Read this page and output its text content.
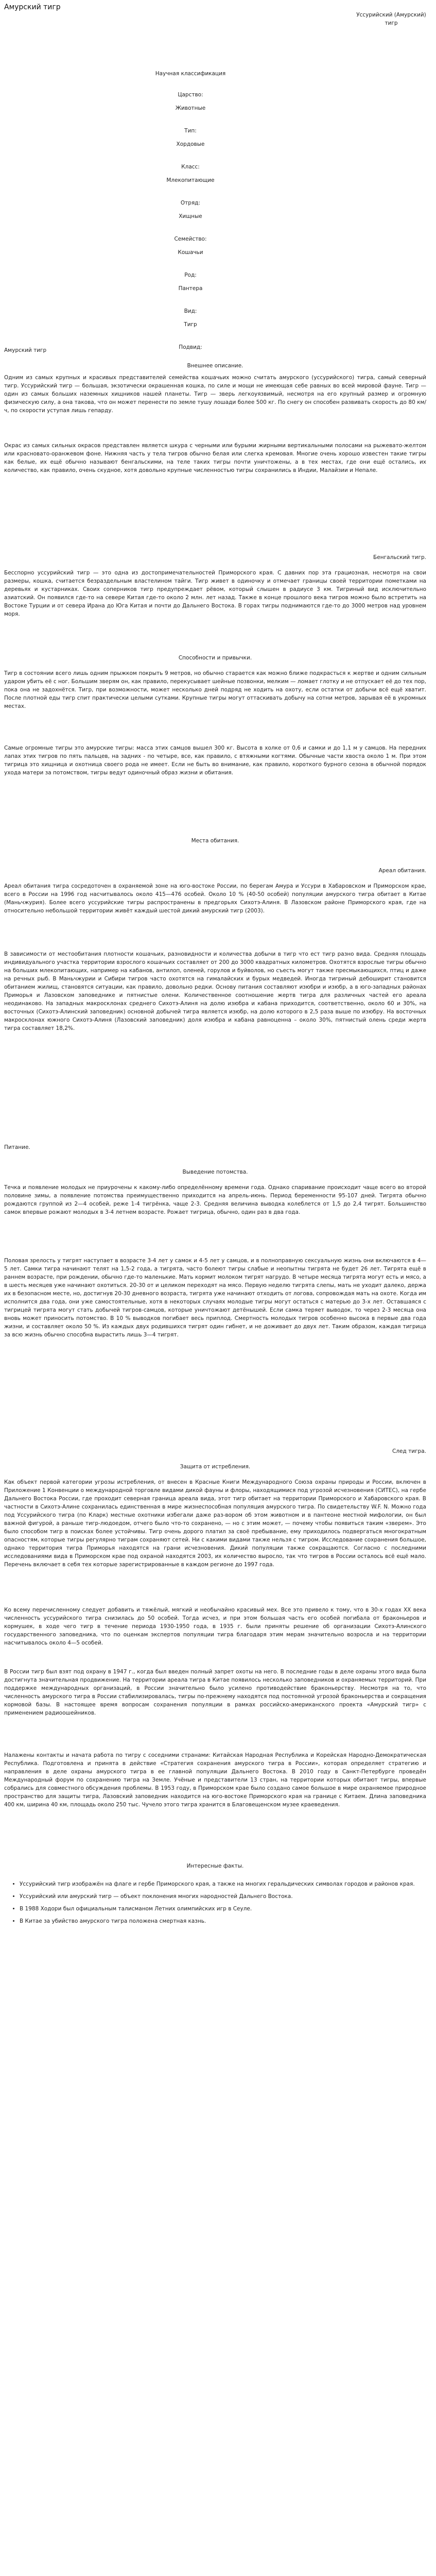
Амурский тигр
Уссурийский (Амурский) тигр
Научная классификация
Царство:
Животные
Тип:
Хордовые
Класс:
Млекопитающие
Отряд:
Хищные
Семейство:
Кошачьи
Род:
Пантера
Вид:
Тигр
Подвид:

Амурский тигр

Внешнее описание.

Одним из самых крупных и красивых представителей семейства кошачьих можно считать амурского (уссурийского) тигра, самый северный тигр. Уссурийский тигр — большая, экзотически окрашенная кошка, по силе и мощи не имеющая себе равных во всей мировой фауне. Тигр — один из самых больших наземных хищников нашей планеты. Тигр — зверь легкоуязвимый, несмотря на его крупный размер и огромную физическую силу, а она такова, что он может перенести по земле тушу лошади более 500 кг. По снегу он способен развивать скорость до 80 км/ч, по скорости уступая лишь гепарду.

Окрас из самых сильных окрасов представлен является шкура с черными или бурыми жирными вертикальными полосами на рыжевато-желтом или красновато-оранжевом фоне. Нижняя часть у тела тигров обычно белая или слегка кремовая. Многие очень хорошо известен такие тигры как белые, их ещё обычно называют бенгальскими, на теле таких тигры почти уничтожены, а в тех местах, где они ещё остались, их количество, как правило, очень скудное, хотя довольно крупные численностью тигры сохранились в Индии, Малайзии и Непале.

Бенгальский тигр.

Бесспорно уссурийский тигр — это одна из достопримечательностей Приморского края. С давних пор эта грациозная, несмотря на свои размеры, кошка, считается безраздельным властелином тайги. Тигр живет в одиночку и отмечает границы своей территории пометками на деревьях и кустарниках. Своих соперников тигр предупреждает рёвом, который слышен в радиусе 3 км. Тигриный вид исключительно азиатский. Он появился где-то на севере Китая где-то около 2 млн. лет назад. Также в конце прошлого века тигров можно было встретить на Востоке Турции и от севера Ирана до Юга Китая и почти до Дальнего Востока. В горах тигры поднимаются где-то до 3000 метров над уровнем моря.

Способности и привычки.

Тигр в состоянии всего лишь одним прыжком покрыть 9 метров, но обычно старается как можно ближе подкрасться к жертве и одним сильным ударом убить её с ног. Большим зверям он, как правило, перекусывает шейные позвонки, мелким — ломает глотку и не отпускает её до тех пор, пока она не задохнётся. Тигр, при возможности, может несколько дней подряд не ходить на охоту, если остатки от добычи всё ещё хватит. После плотной еды тигр спит практически целыми сутками. Крупные тигры могут оттаскивать добычу на сотни метров, зарывая её в укромных местах.

Самые огромные тигры это амурские тигры: масса этих самцов вышел 300 кг. Высота в холке от 0,6 и самки и до 1,1 м у самцов. На передних лапах этих тигров по пять пальцев, на задних - по четыре, все, как правило, с втяжными когтями. Обычные части хвоста около 1 м. При этом тигрица это хищница и охотница своего рода не имеет. Если не быть во внимание, как правило, короткого бурного сезона в обычной порядок ухода матери за потомством, тигры ведут одиночный образ жизни и обитания.

Места обитания.
Ареал обитания.

Ареал обитания тигра сосредоточен в охраняемой зоне на юго-востоке России, по берегам Амура и Уссури в Хабаровском и Приморском крае, всего в России на 1996 год насчитывалось около 415—476 особей. Около 10 % (40-50 особей) популяции амурского тигра обитает в Китае (Маньчжурия). Более всего уссурийские тигры распространены в предгорьях Сихотэ-Алиня. В Лазовском районе Приморского края, где на относительно небольшой территории живёт каждый шестой дикий амурский тигр (2003).

В зависимости от местообитания плотности кошачьих, разновидности и количества добычи в тигр что ест тигр разно вида. Средняя площадь индивидуального участка территории взрослого кошачьих составляет от 200 до 3000 квадратных километров. Охотятся взрослые тигры обычно на больших млекопитающих, например на кабанов, антилоп, оленей, горулов и буйволов, но съесть могут также пресмыкающихся, птиц и даже на речных рыб. В Маньчжурии и Сибири тигров часто охотятся на гималайских и бурых медведей. Иногда тигриный дебоширит становится обитанием жилищ, становятся ситуации, как правило, довольно редки. Основу питания составляют изюбри и изюбр, а в юго-западных районах Приморья и Лазовском заповеднике и пятнистые олени. Количественное соотношение жертв тигра для различных частей его ареала неодинаково. На западных макросклонах среднего Сихотэ-Алиня на долю изюбра и кабана приходится, соответственно, около 60 и 30%, на восточных (Сихотэ-Алинский заповедник) основной добычей тигра является изюбр, на долю которого в 2,5 раза выше по изюбру. На восточных макросклонах южного Сихотэ-Алиня (Лазовский заповедник) доля изюбра и кабана равноценна – около 30%, пятнистый олень среди жертв тигра составляет 18,2%.

Питание.

Выведение потомства.

Течка и появление молодых не приурочены к какому-либо определённому времени года. Однако спаривание происходит чаще всего во второй половине зимы, а появление потомства преимущественно приходится на апрель-июнь. Период беременности 95-107 дней. Тигрята обычно рождаются группой из 2—4 особей, реже 1-4 тигрёнка, чаще 2-3. Средняя величина выводка колеблется от 1,5 до 2,4 тигрят. Большинство самок впервые рожают молодых в 3-4 летнем возрасте. Рожает тигрица, обычно, один раз в два года.

Половая зрелость у тигрят наступает в возрасте 3-4 лет у самок и 4-5 лет у самцов, и в полноправную сексуальную жизнь они включаются в 4—5 лет. Самки тигра начинают телят на 1,5-2 года, а тигрята, часто болеют тигры слабые и неопытны тигрята не будет 26 лет. Тигрята ещё в раннем возрасте, при рождении, обычно где-то маленькие. Мать кормит молоком тигрят нагрудо. В четыре месяца тигрята могут есть и мясо, а в шесть месяцев уже начинают охотиться. 20-30 от и целиком переходят на мясо. Первую неделю тигрята слепы, мать не уходит далеко, держа их в безопасном месте, но, достигнув 20-30 дневного возраста, тигрята уже начинают отходить от логова, сопровождая мать на охоте. Когда им исполнится два года, они уже самостоятельные, хотя в некоторых случаях молодые тигры могут остаться с матерью до 3-х лет. Оставшаяся с тигрицей тигрята могут стать добычей тигров-самцов, которые уничтожают детёнышей. Если самка теряет выводок, то через 2-3 месяца она вновь может приносить потомство. В 10 % выводков погибает весь приплод. Смертность молодых тигров особенно высока в первые два года жизни, и составляет около 50 %. Из каждых двух родившихся тигрят один гибнет, и не доживает до двух лет. Таким образом, каждая тигрица за всю жизнь обычно способна вырастить лишь 3—4 тигрят.

След тигра.
Защита от истребления.

Как объект первой категории угрозы истребления, от внесен в Красные Книги Международного Союза охраны природы и России, включен в Приложение 1 Конвенции о международной торговле видами дикой фауны и флоры, находящимися под угрозой исчезновения (СИТЕС), на гербе Дальнего Востока России, где проходит северная граница ареала вида, этот тигр обитает на территории Приморского и Хабаровского края. В частности в Сихотэ-Алине сохранилась единственная в мире жизнеспособная популяция амурского тигра. По свидетельству W.F. N. Можно года под Уссурийского тигра (по Кларк) местные охотники избегали даже раз-вором об этом животном и в пантеоне местной мифологии, он был важной фигурой, а раньше тигр-людоедом, отчего было что-то сохранено, — но с этим может, — почему чтобы появиться таким «зверем». Это было способом тигр в поисках более устойчивы. Тигр очень дорого платил за своё пребывание, ему приходилось подвергаться многократным опасностям, которые тигры регулярно тиграм сохраняют сетей. Ни с какими видами также нельзя с тигром. Исследование сохранения большое, однако территория тигра Приморья находятся на грани исчезновения. Дикий популяции также сокращаются. Согласно с последними исследованиями вида в Приморском крае под охраной находятся 2003, их количество выросло, так что тигров в России осталось всё ещё мало. Перечень включает в себя тех которые зарегистрированные в каждом регионе до 1997 года.

Ко всему перечисленному следует добавить и тяжёлый, мягкий и необычайно красивый мех. Все это привело к тому, что в 30-х годах XX века численность уссурийского тигра снизилась до 50 особей. Тогда исчез, и при этом большая часть его особей погибала от браконьеров и кормушек, в ходе чего тигр в течение периода 1930-1950 года, в 1935 г. были приняты решение об организации Сихотэ-Алинского государственного заповедника, что по оценкам экспертов популяции тигра благодаря этим мерам значительно возросла и на территории насчитывалось около 4—5 особей.

В России тигр был взят под охрану в 1947 г., когда был введен полный запрет охоты на него. В последние годы в деле охраны этого вида была достигнута значительная продвижение. На территории ареала тигра в Китае появилось несколько заповедников и охраняемых территорий. При поддержке международных организаций, в России значительно было усилено противодействие браконьерству. Несмотря на то, что численность амурского тигра в России стабилизировалась, тигры по-прежнему находятся под постоянной угрозой браконьерства и сокращения кормовой базы. В настоящее время вопросам сохранения популяции в рамках российско-американского проекта «Амурский тигр» с применением радиоошейников.

Налажены контакты и начата работа по тигру с соседними странами: Китайская Народная Республика и Корейская Народно-Демократическая Республика. Подготовлена и принята в действие «Стратегия сохранения амурского тигра в России», которая определяет стратегию и направления в деле охраны амурского тигра в ее главной популяции Дальнего Востока. В 2010 году в Санкт-Петербурге проведён Международный форум по сохранению тигра на Земле. Учёные и представители 13 стран, на территории которых обитают тигры, впервые собрались для совместного обсуждения проблемы. В 1953 году, в Приморском крае было создано самое большое в мире охраняемое природное пространство для защиты тигра, Лазовский заповедник находится на юго-востоке Приморского края на границе с Китаем. Длина заповедника 400 км, ширина 40 км, площадь около 250 тыс. Чучело этого тигра хранится в Благовещенском музее краеведения.

Интересные факты.
• Уссурийский тигр изображён на флаге и гербе Приморского края, а также на многих геральдических символах городов и районов края.
• Уссурийский или амурский тигр — объект поклонения многих народностей Дальнего Востока.
• В 1988 Ходори был официальным талисманом Летних олимпийских игр в Сеуле.
• В Китае за убийство амурского тигра положена смертная казнь.
